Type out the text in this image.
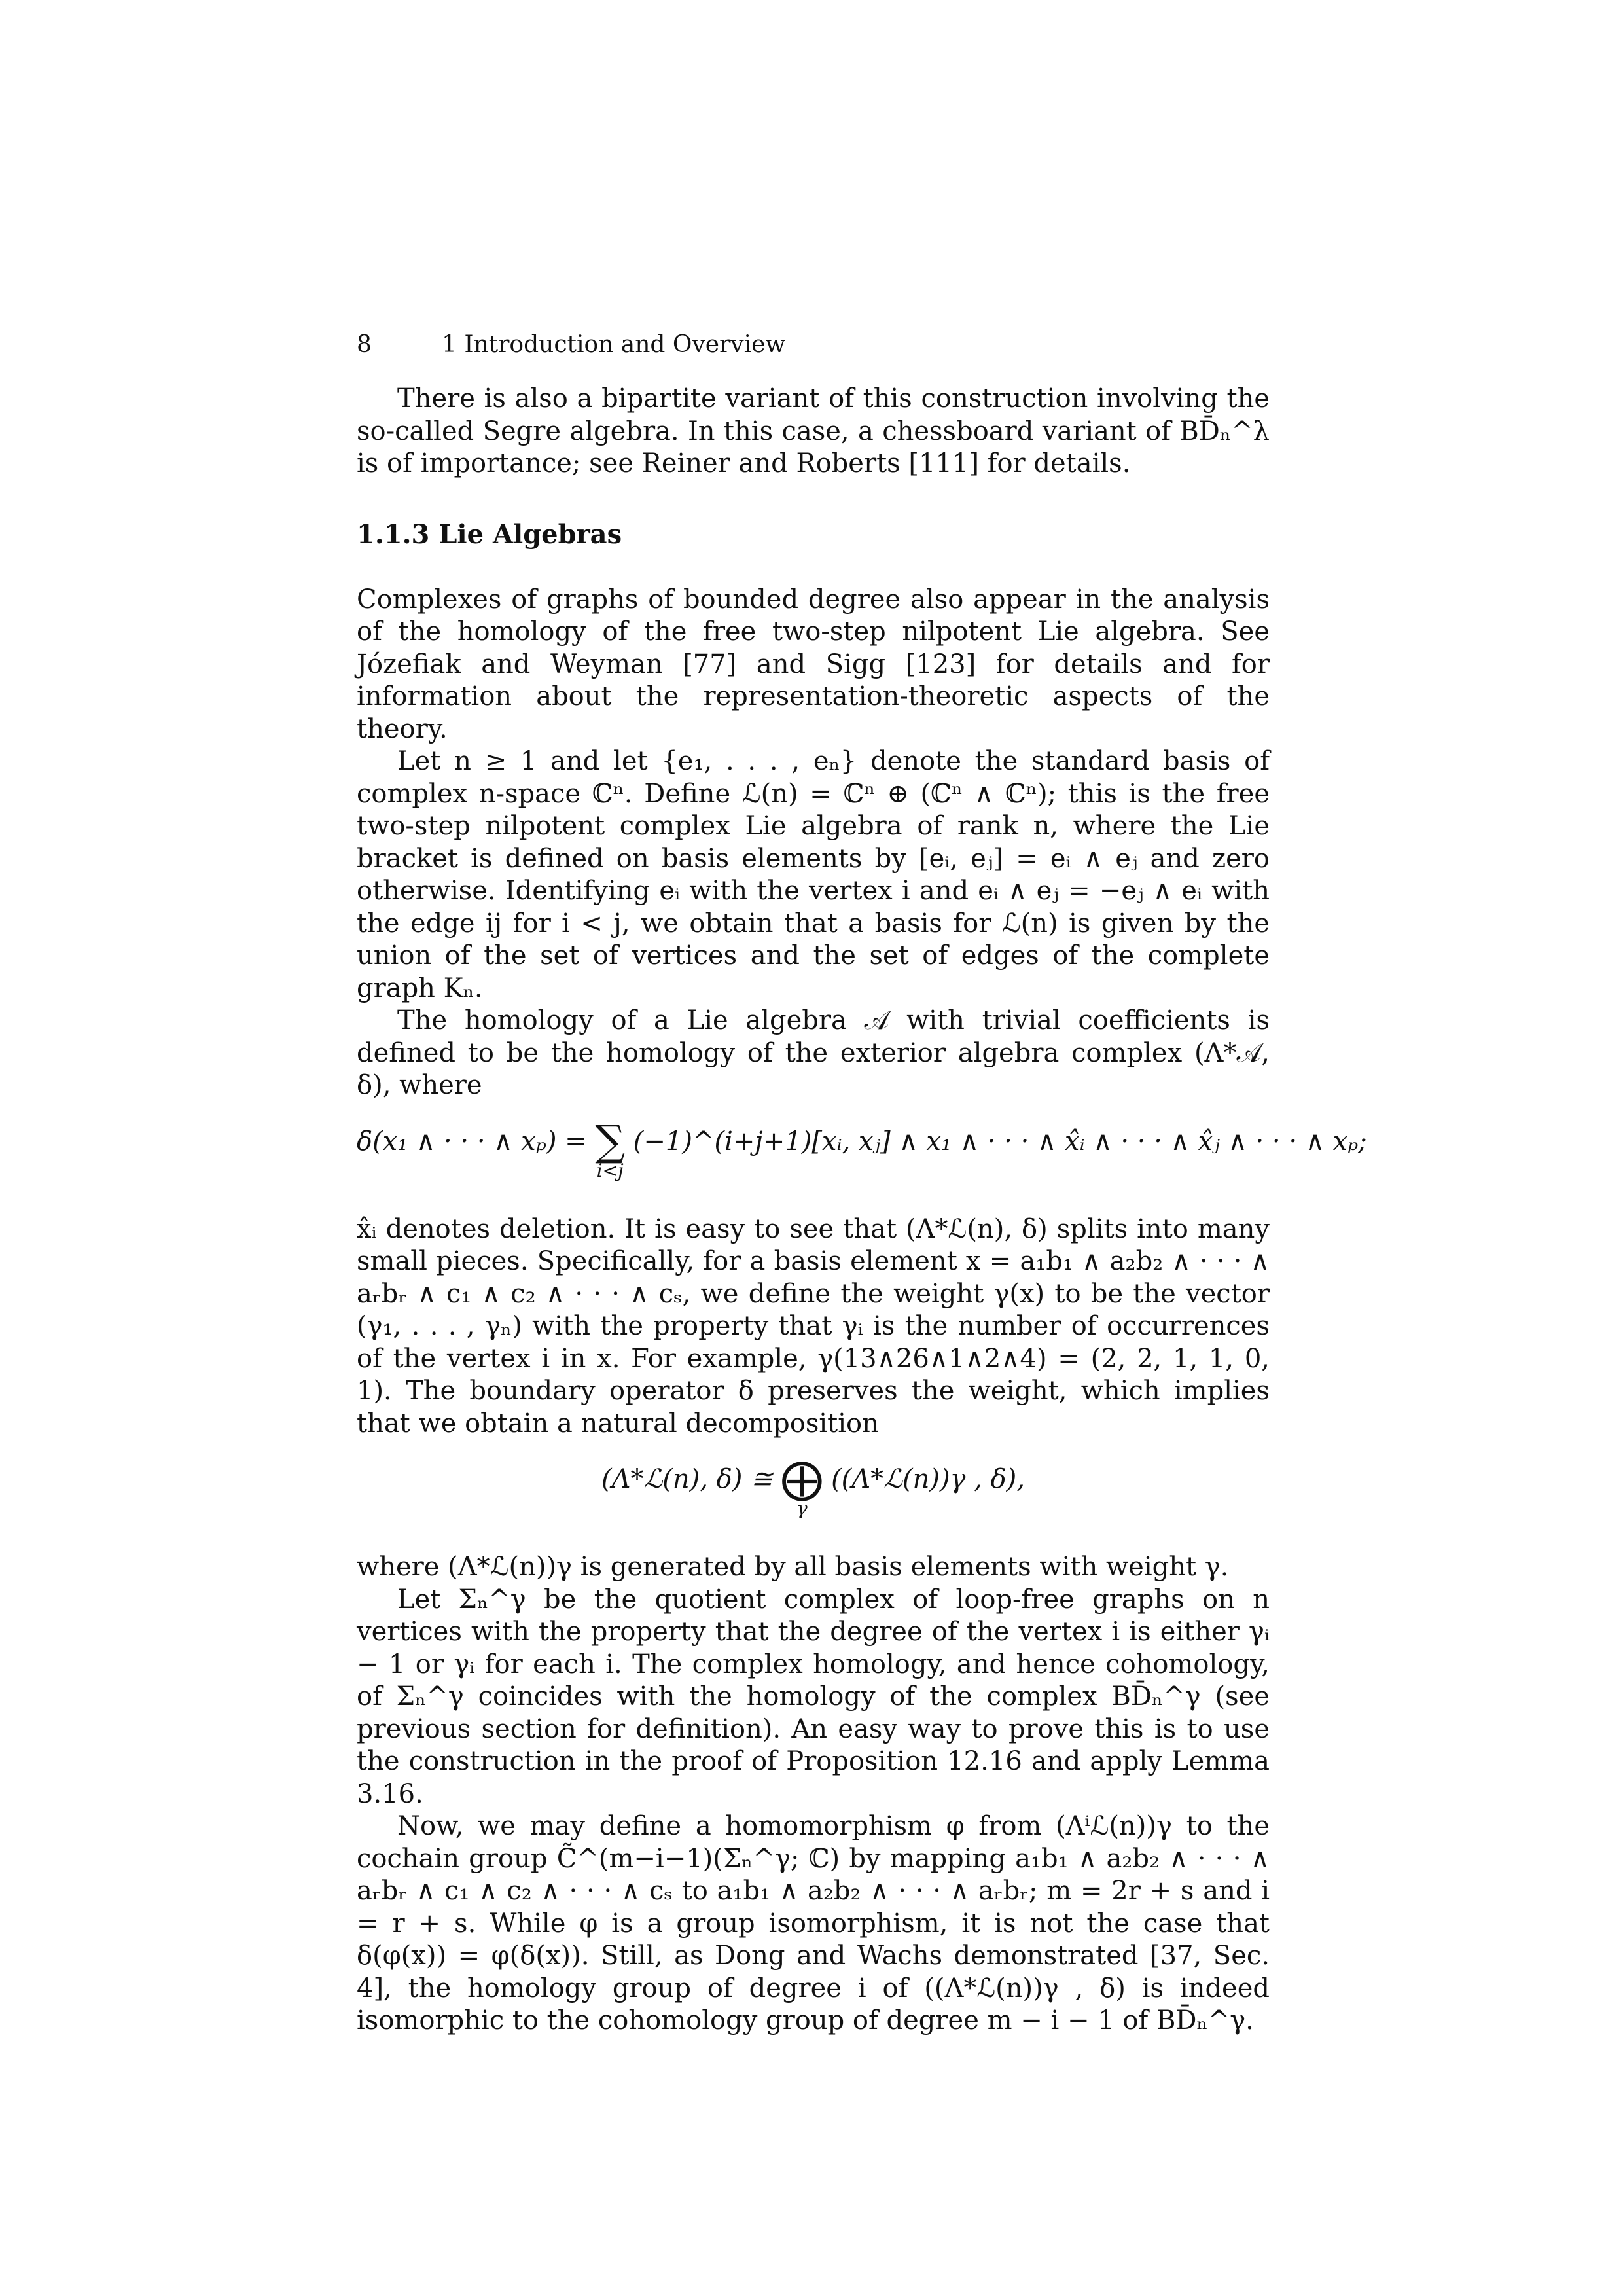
8	1 Introduction and Overview

There is also a bipartite variant of this construction involving the so-called Segre algebra. In this case, a chessboard variant of BD̄ₙ^λ is of importance; see Reiner and Roberts [111] for details.

1.1.3 Lie Algebras

Complexes of graphs of bounded degree also appear in the analysis of the homology of the free two-step nilpotent Lie algebra. See Józefiak and Weyman [77] and Sigg [123] for details and for information about the representation-theoretic aspects of the theory.

Let n ≥ 1 and let {e₁, . . . , eₙ} denote the standard basis of complex n-space ℂⁿ. Define ℒ(n) = ℂⁿ ⊕ (ℂⁿ ∧ ℂⁿ); this is the free two-step nilpotent complex Lie algebra of rank n, where the Lie bracket is defined on basis elements by [eᵢ, eⱼ] = eᵢ ∧ eⱼ and zero otherwise. Identifying eᵢ with the vertex i and eᵢ ∧ eⱼ = −eⱼ ∧ eᵢ with the edge ij for i < j, we obtain that a basis for ℒ(n) is given by the union of the set of vertices and the set of edges of the complete graph Kₙ.

The homology of a Lie algebra 𝒜 with trivial coefficients is defined to be the homology of the exterior algebra complex (Λ*𝒜, δ), where

δ(x₁ ∧ · · · ∧ xₚ) = ∑
i<j
(−1)^(i+j+1)[xᵢ, xⱼ] ∧ x₁ ∧ · · · ∧ x̂ᵢ ∧ · · · ∧ x̂ⱼ ∧ · · · ∧ xₚ;

x̂ᵢ denotes deletion. It is easy to see that (Λ*ℒ(n), δ) splits into many small pieces. Specifically, for a basis element x = a₁b₁ ∧ a₂b₂ ∧ · · · ∧ aᵣbᵣ ∧ c₁ ∧ c₂ ∧ · · · ∧ cₛ, we define the weight γ(x) to be the vector (γ₁, . . . , γₙ) with the property that γᵢ is the number of occurrences of the vertex i in x. For example, γ(13∧26∧1∧2∧4) = (2, 2, 1, 1, 0, 1). The boundary operator δ preserves the weight, which implies that we obtain a natural decomposition

(Λ*ℒ(n), δ) ≅ ⨁
γ
((Λ*ℒ(n))γ , δ),

where (Λ*ℒ(n))γ is generated by all basis elements with weight γ.

Let Σₙ^γ be the quotient complex of loop-free graphs on n vertices with the property that the degree of the vertex i is either γᵢ − 1 or γᵢ for each i. The complex homology, and hence cohomology, of Σₙ^γ coincides with the homology of the complex BD̄ₙ^γ (see previous section for definition). An easy way to prove this is to use the construction in the proof of Proposition 12.16 and apply Lemma 3.16.

Now, we may define a homomorphism φ from (Λⁱℒ(n))γ to the cochain group C̃^(m−i−1)(Σₙ^γ; ℂ) by mapping a₁b₁ ∧ a₂b₂ ∧ · · · ∧ aᵣbᵣ ∧ c₁ ∧ c₂ ∧ · · · ∧ cₛ to a₁b₁ ∧ a₂b₂ ∧ · · · ∧ aᵣbᵣ; m = 2r + s and i = r + s. While φ is a group isomorphism, it is not the case that δ(φ(x)) = φ(δ(x)). Still, as Dong and Wachs demonstrated [37, Sec. 4], the homology group of degree i of ((Λ*ℒ(n))γ , δ) is indeed isomorphic to the cohomology group of degree m − i − 1 of BD̄ₙ^γ.
